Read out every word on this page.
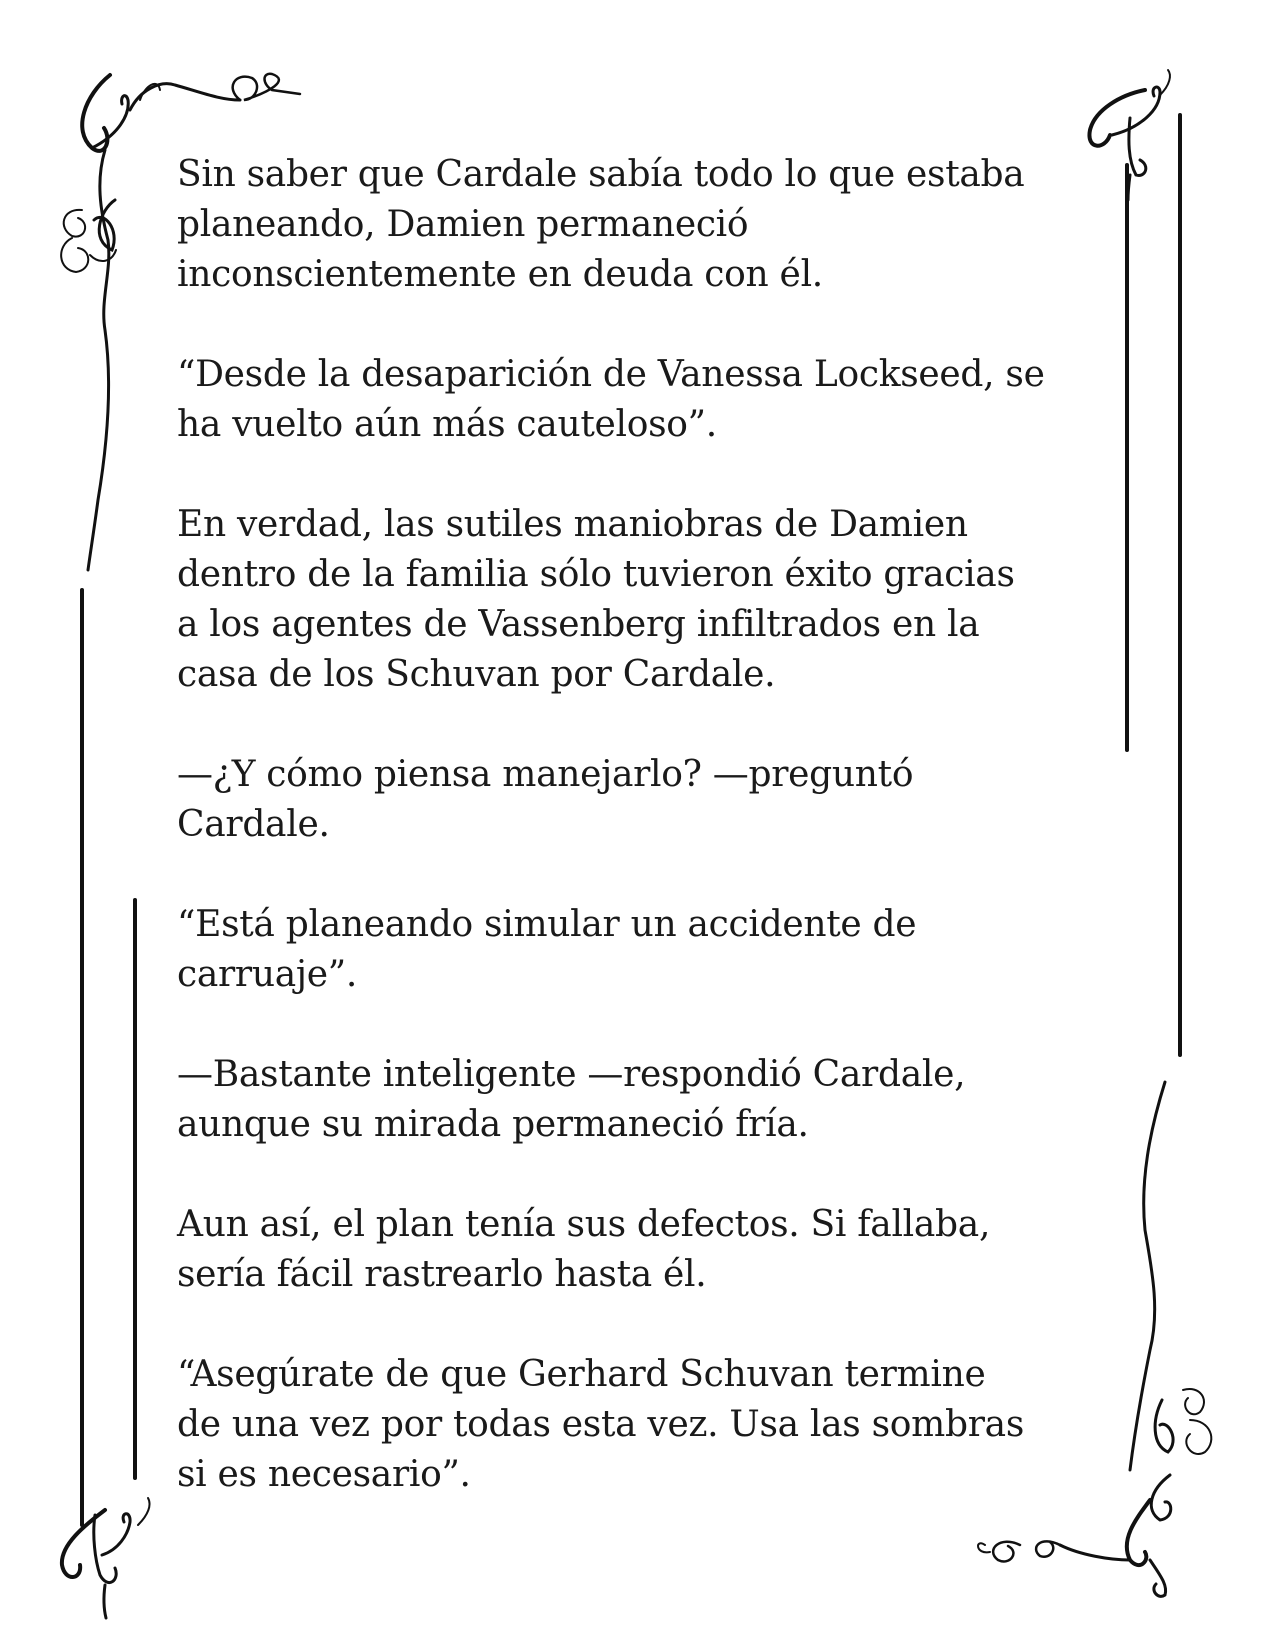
Sin saber que Cardale sabía todo lo que estaba
planeando, Damien permaneció
inconscientemente en deuda con él.

“Desde la desaparición de Vanessa Lockseed, se
ha vuelto aún más cauteloso”.

En verdad, las sutiles maniobras de Damien
dentro de la familia sólo tuvieron éxito gracias
a los agentes de Vassenberg infiltrados en la
casa de los Schuvan por Cardale.

—¿Y cómo piensa manejarlo? —preguntó
Cardale.

“Está planeando simular un accidente de
carruaje”.

—Bastante inteligente —respondió Cardale,
aunque su mirada permaneció fría.

Aun así, el plan tenía sus defectos. Si fallaba,
sería fácil rastrearlo hasta él.

“Asegúrate de que Gerhard Schuvan termine
de una vez por todas esta vez. Usa las sombras
si es necesario”.
